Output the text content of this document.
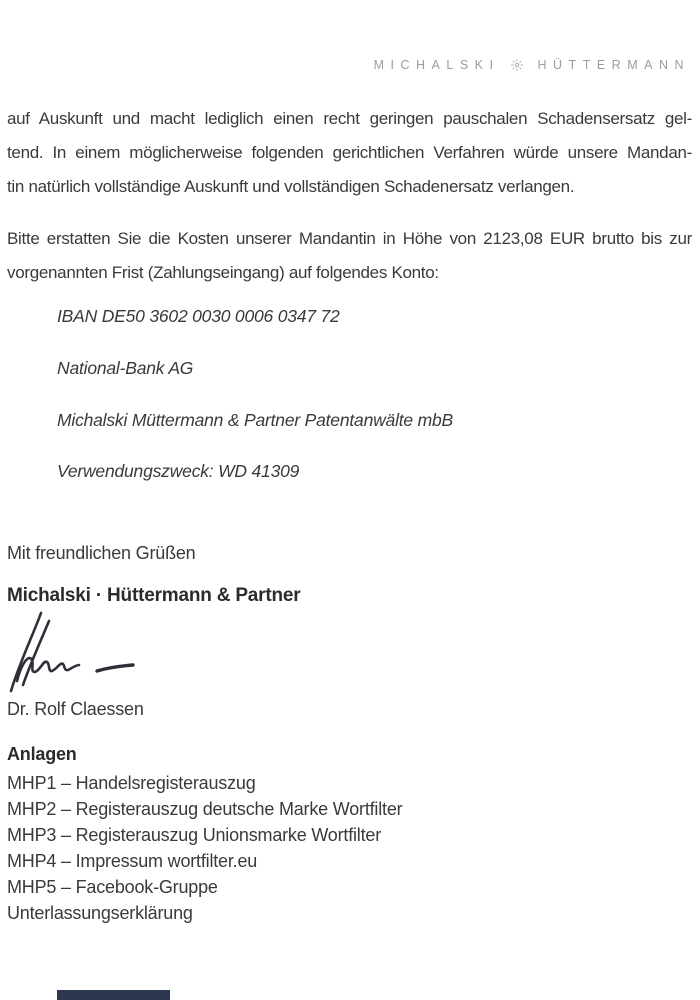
MICHALSKI	HÜTTERMANN
auf Auskunft und macht lediglich einen recht geringen pauschalen Schadensersatz gel-
tend. In einem möglicherweise folgenden gerichtlichen Verfahren würde unsere Mandan-
tin natürlich vollständige Auskunft und vollständigen Schadenersatz verlangen.
Bitte erstatten Sie die Kosten unserer Mandantin in Höhe von 2123,08 EUR brutto bis zur
vorgenannten Frist (Zahlungseingang) auf folgendes Konto:
IBAN DE50 3602 0030 0006 0347 72
National-Bank AG
Michalski Müttermann & Partner Patentanwälte mbB
Verwendungszweck: WD 41309
Mit freundlichen Grüßen
Michalski · Hüttermann & Partner
Dr. Rolf Claessen
Anlagen
MHP1 – Handelsregisterauszug
MHP2 – Registerauszug deutsche Marke Wortfilter
MHP3 – Registerauszug Unionsmarke Wortfilter
MHP4 – Impressum wortfilter.eu
MHP5 – Facebook-Gruppe
Unterlassungserklärung
